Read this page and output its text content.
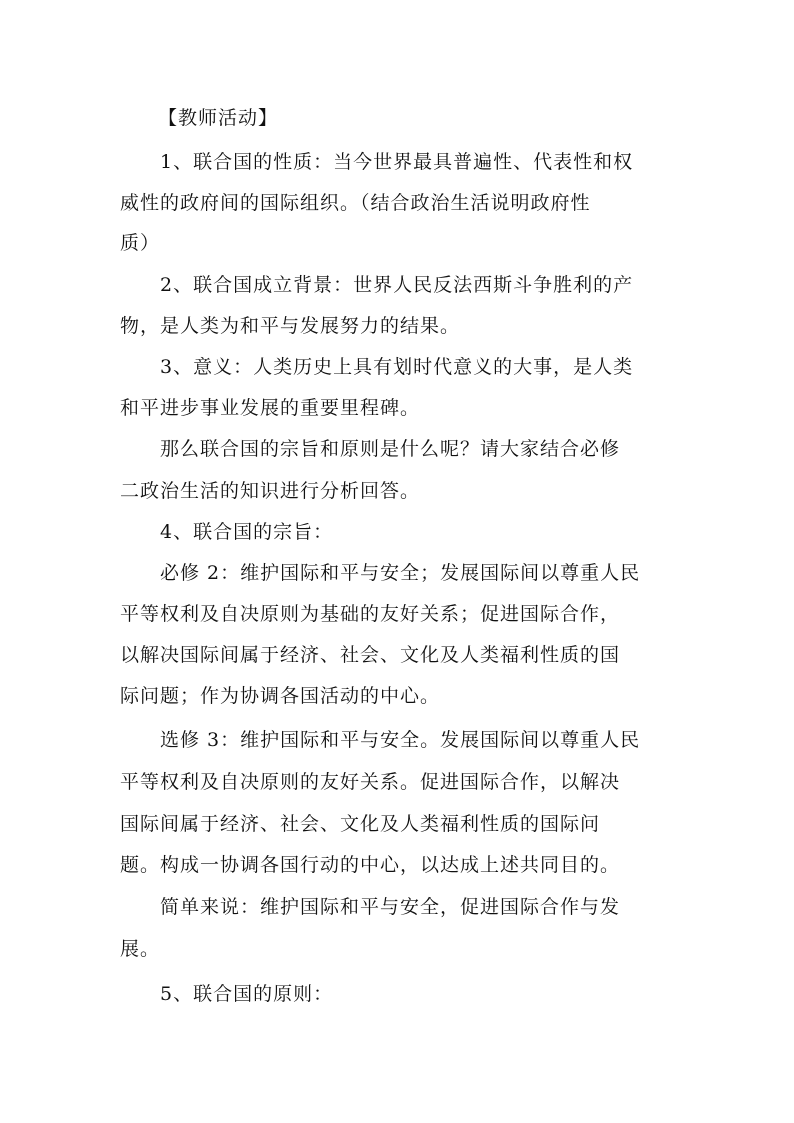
【教师活动】
1、联合国的性质：当今世界最具普遍性、代表性和权
威性的政府间的国际组织。（结合政治生活说明政府性
质）
2、联合国成立背景：世界人民反法西斯斗争胜利的产
物，是人类为和平与发展努力的结果。
3、意义：人类历史上具有划时代意义的大事，是人类
和平进步事业发展的重要里程碑。
那么联合国的宗旨和原则是什么呢？请大家结合必修
二政治生活的知识进行分析回答。
4、联合国的宗旨：
必修 2：维护国际和平与安全；发展国际间以尊重人民
平等权利及自决原则为基础的友好关系；促进国际合作，
以解决国际间属于经济、社会、文化及人类福利性质的国
际问题；作为协调各国活动的中心。
选修 3：维护国际和平与安全。发展国际间以尊重人民
平等权利及自决原则的友好关系。促进国际合作，以解决
国际间属于经济、社会、文化及人类福利性质的国际问
题。构成一协调各国行动的中心，以达成上述共同目的。
简单来说：维护国际和平与安全，促进国际合作与发
展。
5、联合国的原则：
